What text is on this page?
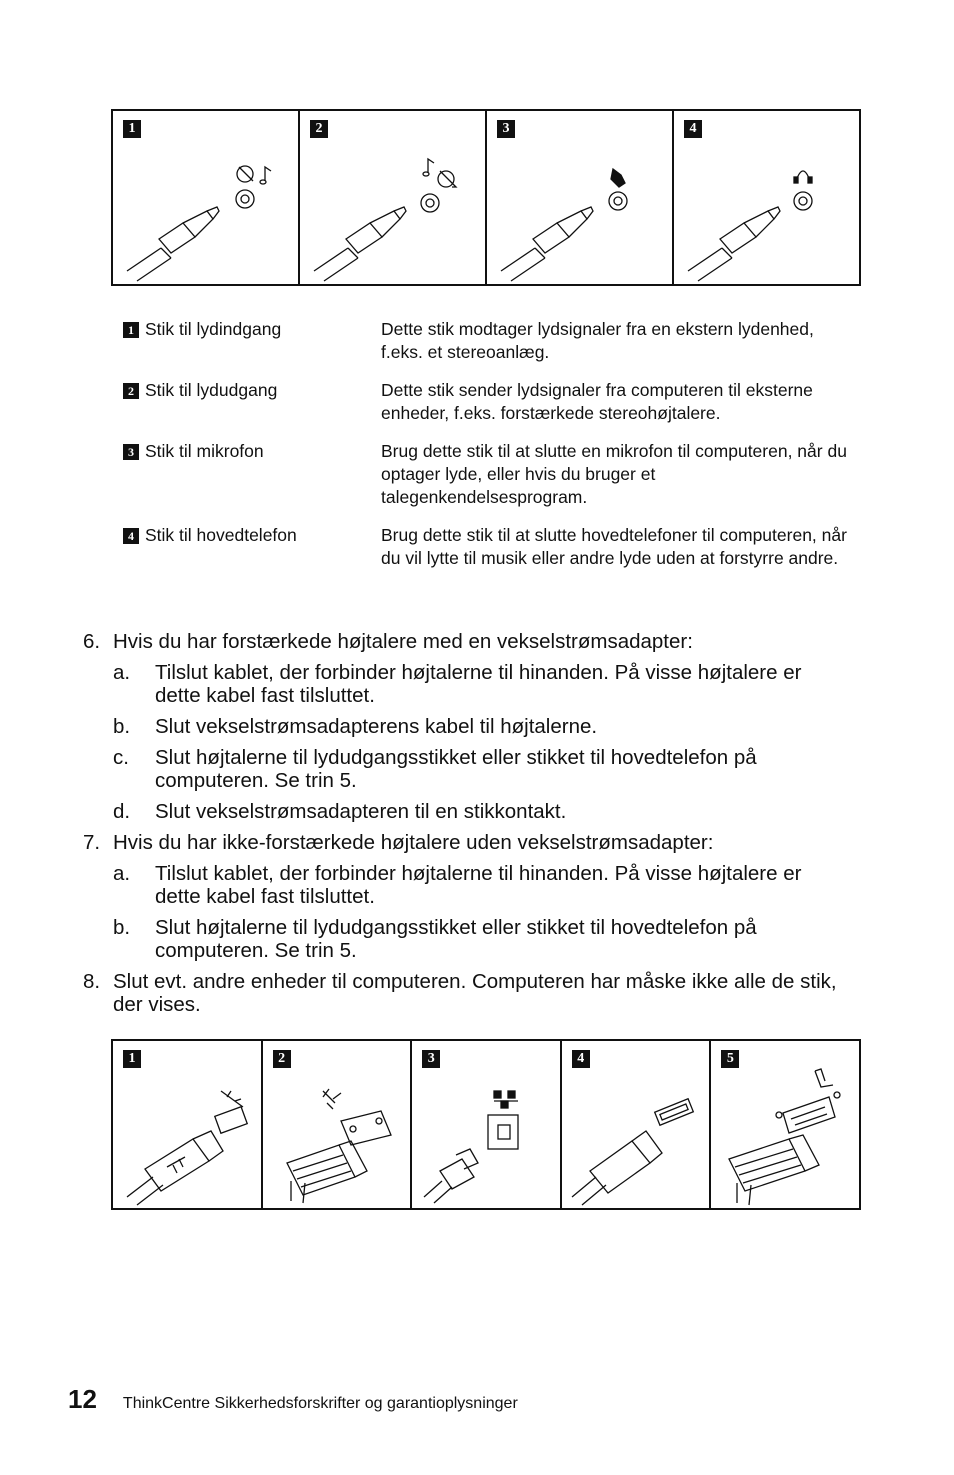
1	2	3	4
1 Stik til lydindgang	Dette stik modtager lydsignaler fra en ekstern lydenhed, f.eks. et stereoanlæg.
2 Stik til lydudgang	Dette stik sender lydsignaler fra computeren til eksterne enheder, f.eks. forstærkede stereohøjtalere.
3 Stik til mikrofon	Brug dette stik til at slutte en mikrofon til computeren, når du optager lyde, eller hvis du bruger et talegenkendelsesprogram.
4 Stik til hovedtelefon	Brug dette stik til at slutte hovedtelefoner til computeren, når du vil lytte til musik eller andre lyde uden at forstyrre andre.
6. Hvis du har forstærkede højtalere med en vekselstrømsadapter:
a.	Tilslut kablet, der forbinder højtalerne til hinanden. På visse højtalere er dette kabel fast tilsluttet.
b.	Slut vekselstrømsadapterens kabel til højtalerne.
c.	Slut højtalerne til lydudgangsstikket eller stikket til hovedtelefon på computeren. Se trin 5.
d.	Slut vekselstrømsadapteren til en stikkontakt.
7. Hvis du har ikke-forstærkede højtalere uden vekselstrømsadapter:
a.	Tilslut kablet, der forbinder højtalerne til hinanden. På visse højtalere er dette kabel fast tilsluttet.
b.	Slut højtalerne til lydudgangsstikket eller stikket til hovedtelefon på computeren. Se trin 5.
8. Slut evt. andre enheder til computeren. Computeren har måske ikke alle de stik, der vises.
1	2	3	4	5
12 ThinkCentre Sikkerhedsforskrifter og garantioplysninger
